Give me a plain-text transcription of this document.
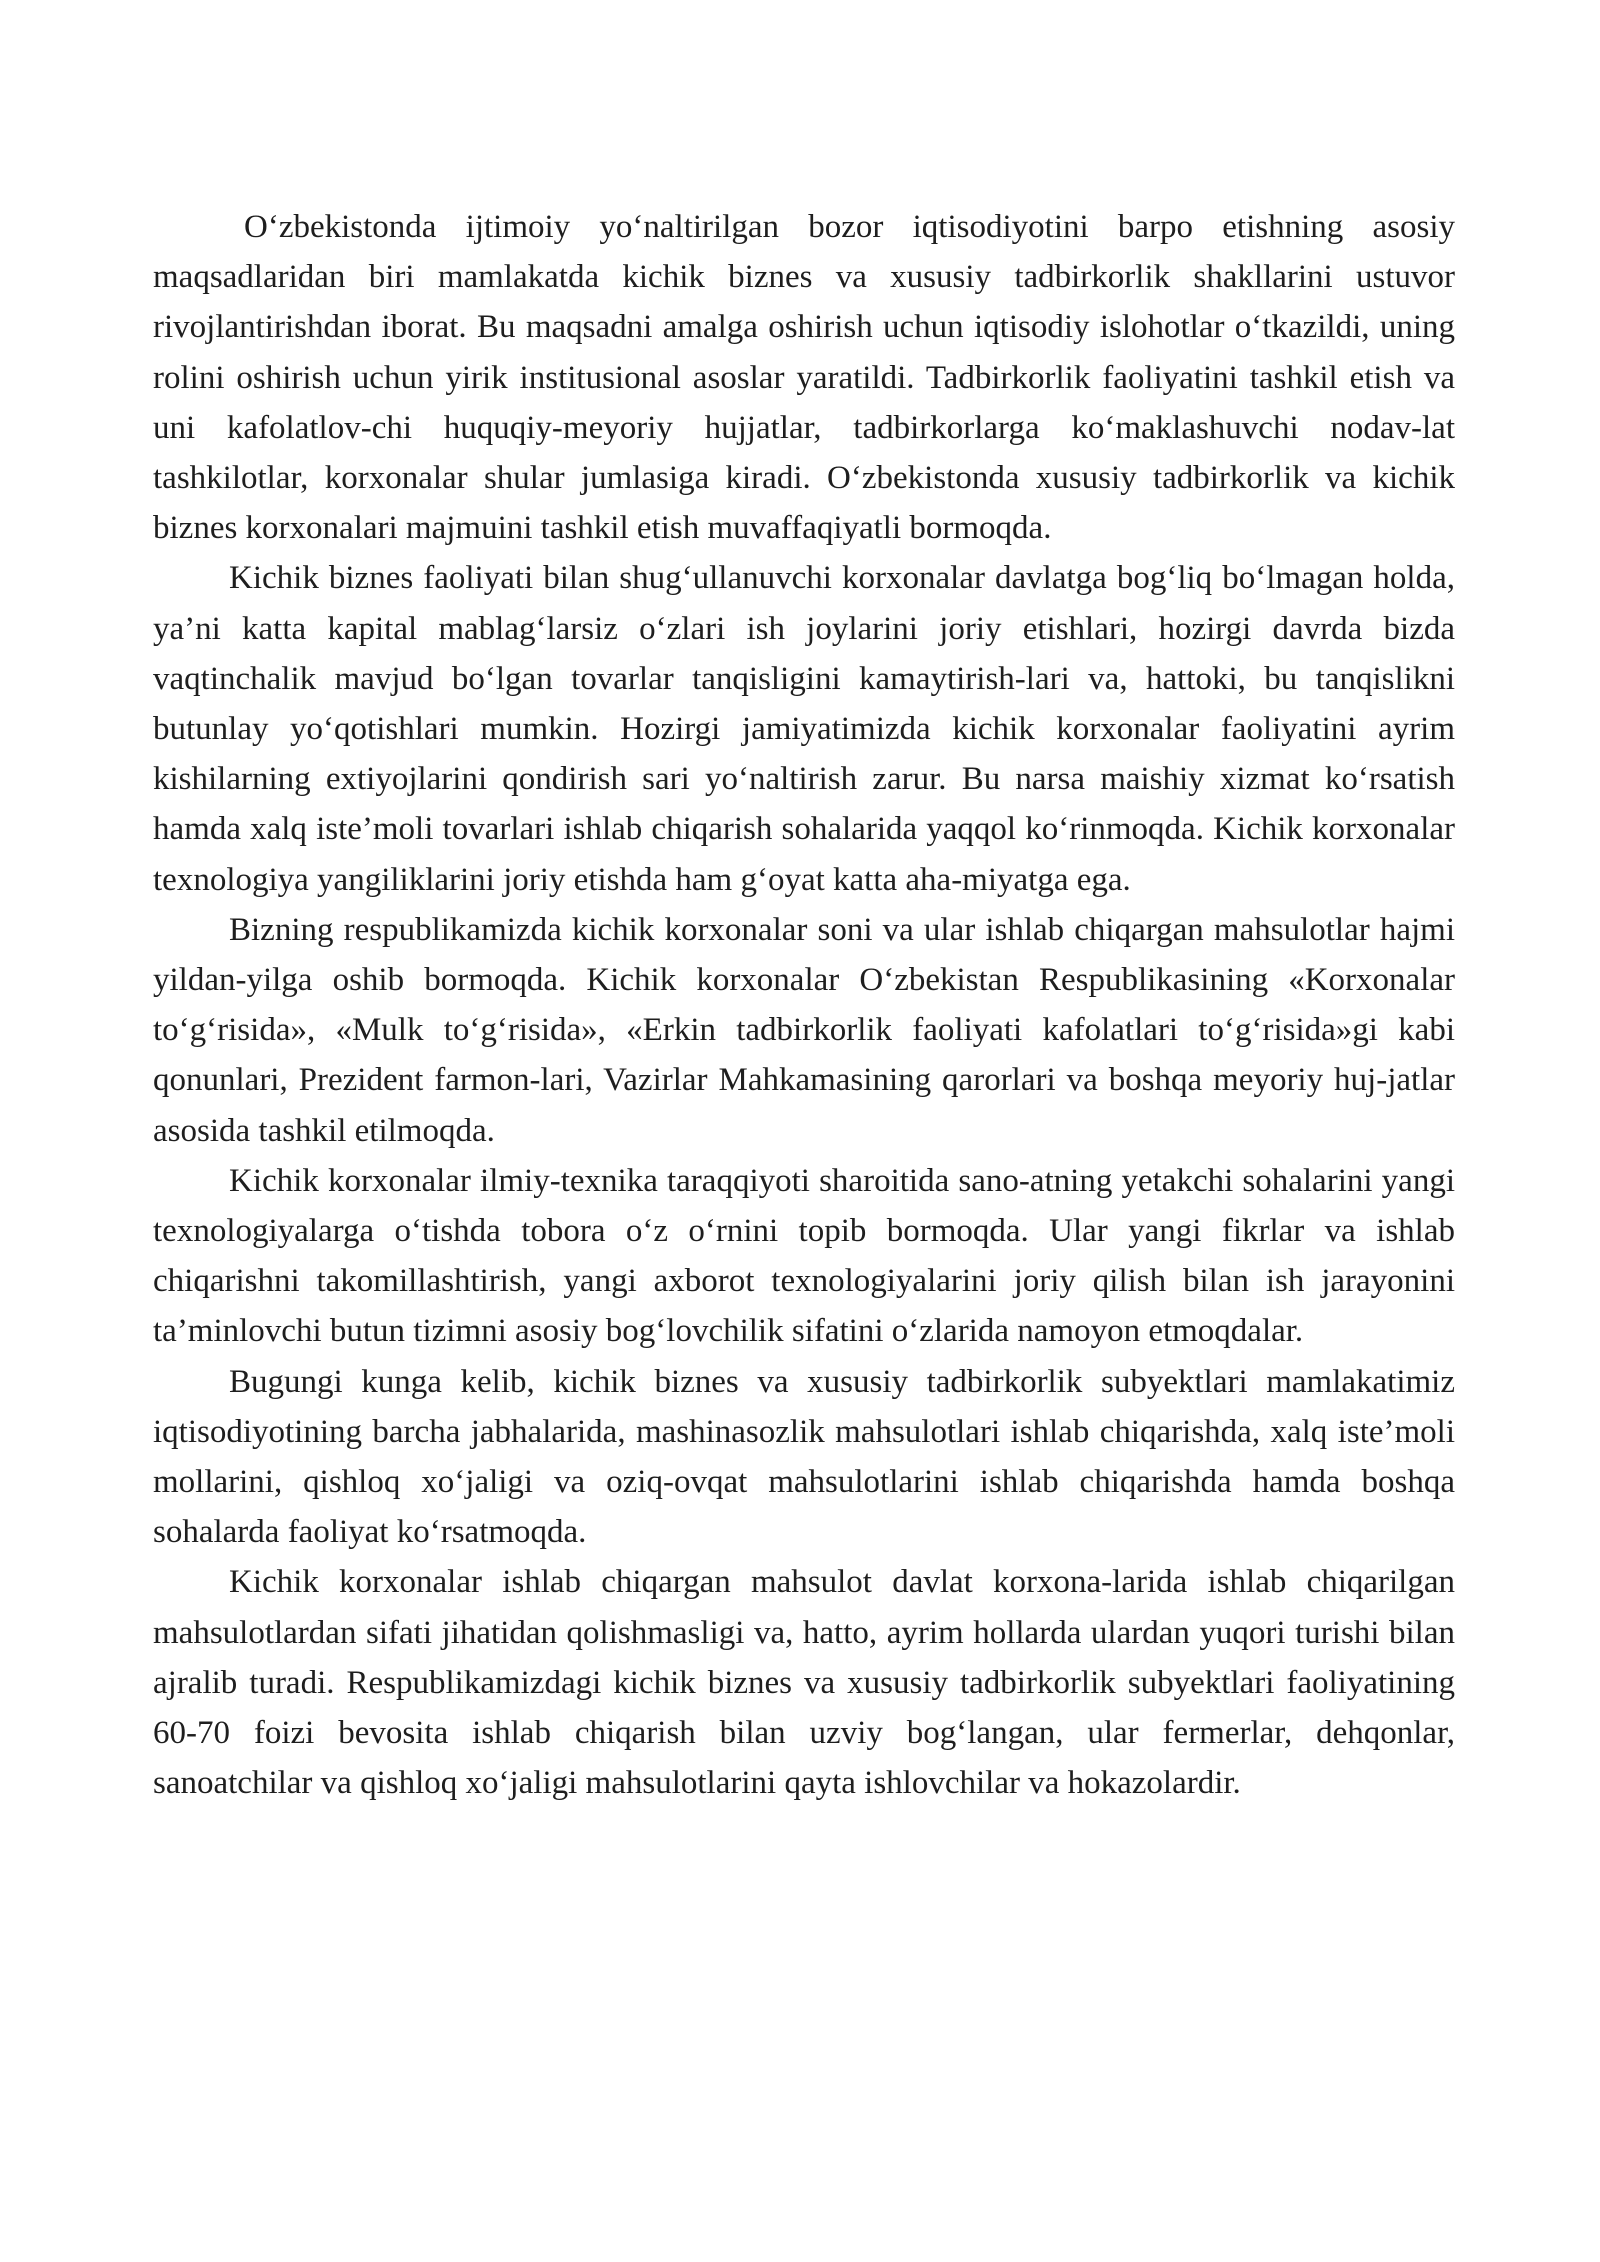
O‘zbekistonda ijtimoiy yo‘naltirilgan bozor iqtisodiyotini barpo etishning asosiy maqsadlaridan biri mamlakatda kichik biznes va xususiy tadbirkorlik shakllarini ustuvor rivojlantirishdan iborat. Bu maqsadni amalga oshirish uchun iqtisodiy islohotlar o‘tkazildi, uning rolini oshirish uchun yirik institusional asoslar yaratildi. Tadbirkorlik faoliyatini tashkil etish va uni kafolatlov-chi huquqiy-meyoriy hujjatlar, tadbirkorlarga ko‘maklashuvchi nodav-lat tashkilotlar, korxonalar shular jumlasiga kiradi. O‘zbekistonda xususiy tadbirkorlik va kichik biznes korxonalari majmuini tashkil etish muvaffaqiyatli bormoqda.

Kichik biznes faoliyati bilan shug‘ullanuvchi korxonalar davlatga bog‘liq bo‘lmagan holda, ya’ni katta kapital mablag‘larsiz o‘zlari ish joylarini joriy etishlari, hozirgi davrda bizda vaqtinchalik mavjud bo‘lgan tovarlar tanqisligini kamaytirish-lari va, hattoki, bu tanqislikni butunlay yo‘qotishlari mumkin. Hozirgi jamiyatimizda kichik korxonalar faoliyatini ayrim kishilarning extiyojlarini qondirish sari yo‘naltirish zarur. Bu narsa maishiy xizmat ko‘rsatish hamda xalq iste’moli tovarlari ishlab chiqarish sohalarida yaqqol ko‘rinmoqda. Kichik korxonalar texnologiya yangiliklarini joriy etishda ham g‘oyat katta aha-miyatga ega.

Bizning respublikamizda kichik korxonalar soni va ular ishlab chiqargan mahsulotlar hajmi yildan-yilga oshib bormoqda. Kichik korxonalar O‘zbekistan Respublikasining «Korxonalar to‘g‘risida», «Mulk to‘g‘risida», «Erkin tadbirkorlik faoliyati kafolatlari to‘g‘risida»gi kabi qonunlari, Prezident farmon-lari, Vazirlar Mahkamasining qarorlari va boshqa meyoriy huj-jatlar asosida tashkil etilmoqda.

Kichik korxonalar ilmiy-texnika taraqqiyoti sharoitida sano-atning yetakchi sohalarini yangi texnologiyalarga o‘tishda tobora o‘z o‘rnini topib bormoqda. Ular yangi fikrlar va ishlab chiqarishni takomillashtirish, yangi axborot texnologiyalarini joriy qilish bilan ish jarayonini ta’minlovchi butun tizimni asosiy bog‘lovchilik sifatini o‘zlarida namoyon etmoqdalar.

Bugungi kunga kelib, kichik biznes va xususiy tadbirkorlik subyektlari mamlakatimiz iqtisodiyotining barcha jabhalarida, mashinasozlik mahsulotlari ishlab chiqarishda, xalq iste’moli mollarini, qishloq xo‘jaligi va oziq-ovqat mahsulotlarini ishlab chiqarishda hamda boshqa sohalarda faoliyat ko‘rsatmoqda.

Kichik korxonalar ishlab chiqargan mahsulot davlat korxona-larida ishlab chiqarilgan mahsulotlardan sifati jihatidan qolishmasligi va, hatto, ayrim hollarda ulardan yuqori turishi bilan ajralib turadi. Respublikamizdagi kichik biznes va xususiy tadbirkorlik subyektlari faoliyatining 60-70 foizi bevosita ishlab chiqarish bilan uzviy bog‘langan, ular fermerlar, dehqonlar, sanoatchilar va qishloq xo‘jaligi mahsulotlarini qayta ishlovchilar va hokazolardir.
